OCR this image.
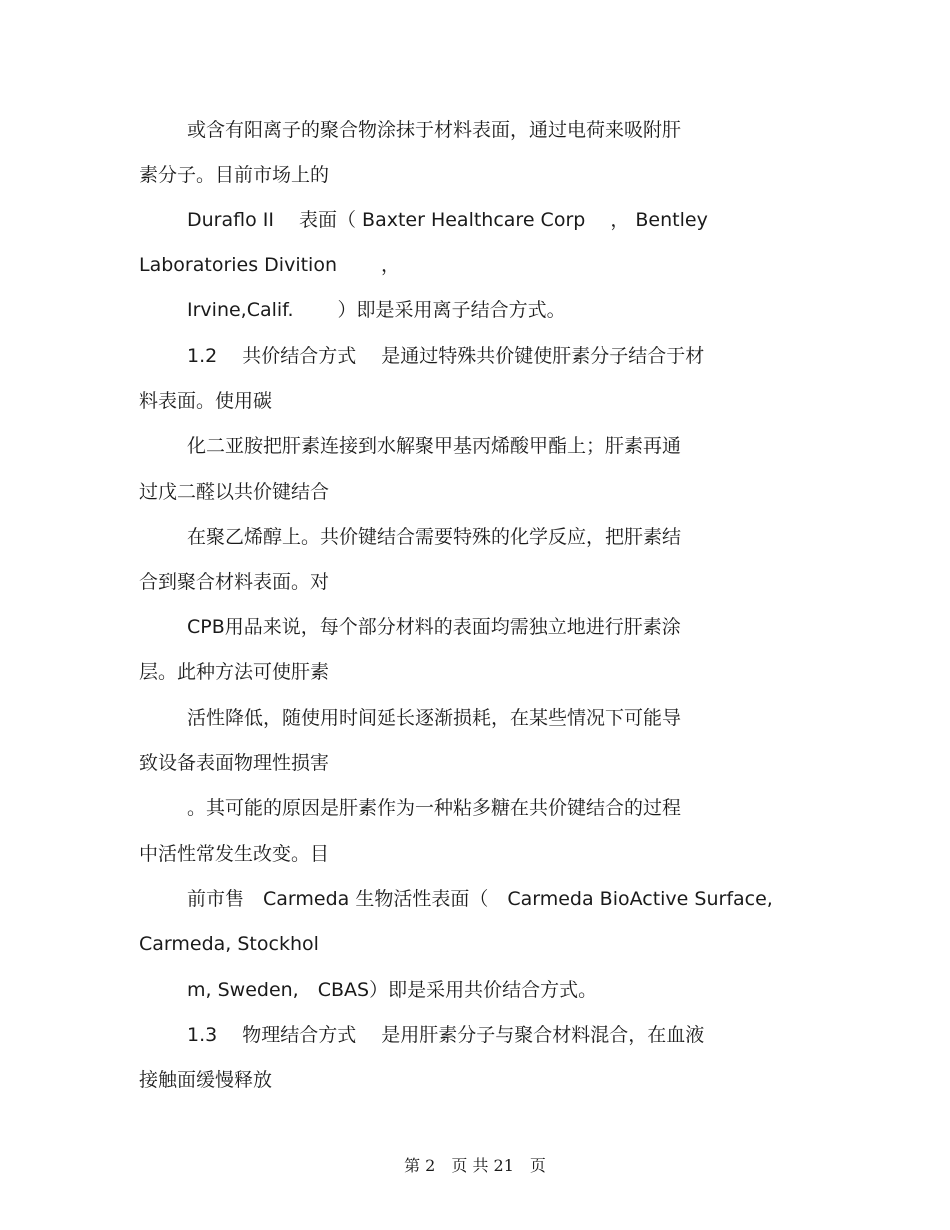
或含有阳离子的聚合物涂抹于材料表面，通过电荷来吸附肝
素分子。目前市场上的
Duraflo II　 表面（ Baxter Healthcare Corp　 ， Bentley
Laboratories Divition　　 ，
Irvine,Calif.　　 ）即是采用离子结合方式。
1.2　 共价结合方式　 是通过特殊共价键使肝素分子结合于材
料表面。使用碳
化二亚胺把肝素连接到水解聚甲基丙烯酸甲酯上；肝素再通
过戊二醛以共价键结合
在聚乙烯醇上。共价键结合需要特殊的化学反应，把肝素结
合到聚合材料表面。对
CPB用品来说，每个部分材料的表面均需独立地进行肝素涂
层。此种方法可使肝素
活性降低，随使用时间延长逐渐损耗，在某些情况下可能导
致设备表面物理性损害
。其可能的原因是肝素作为一种粘多糖在共价键结合的过程
中活性常发生改变。目
前市售　Carmeda 生物活性表面（　Carmeda BioActive Surface,
Carmeda, Stockhol
m, Sweden,　CBAS）即是采用共价结合方式。
1.3　 物理结合方式　 是用肝素分子与聚合材料混合，在血液
接触面缓慢释放
第 2　页 共 21　页
